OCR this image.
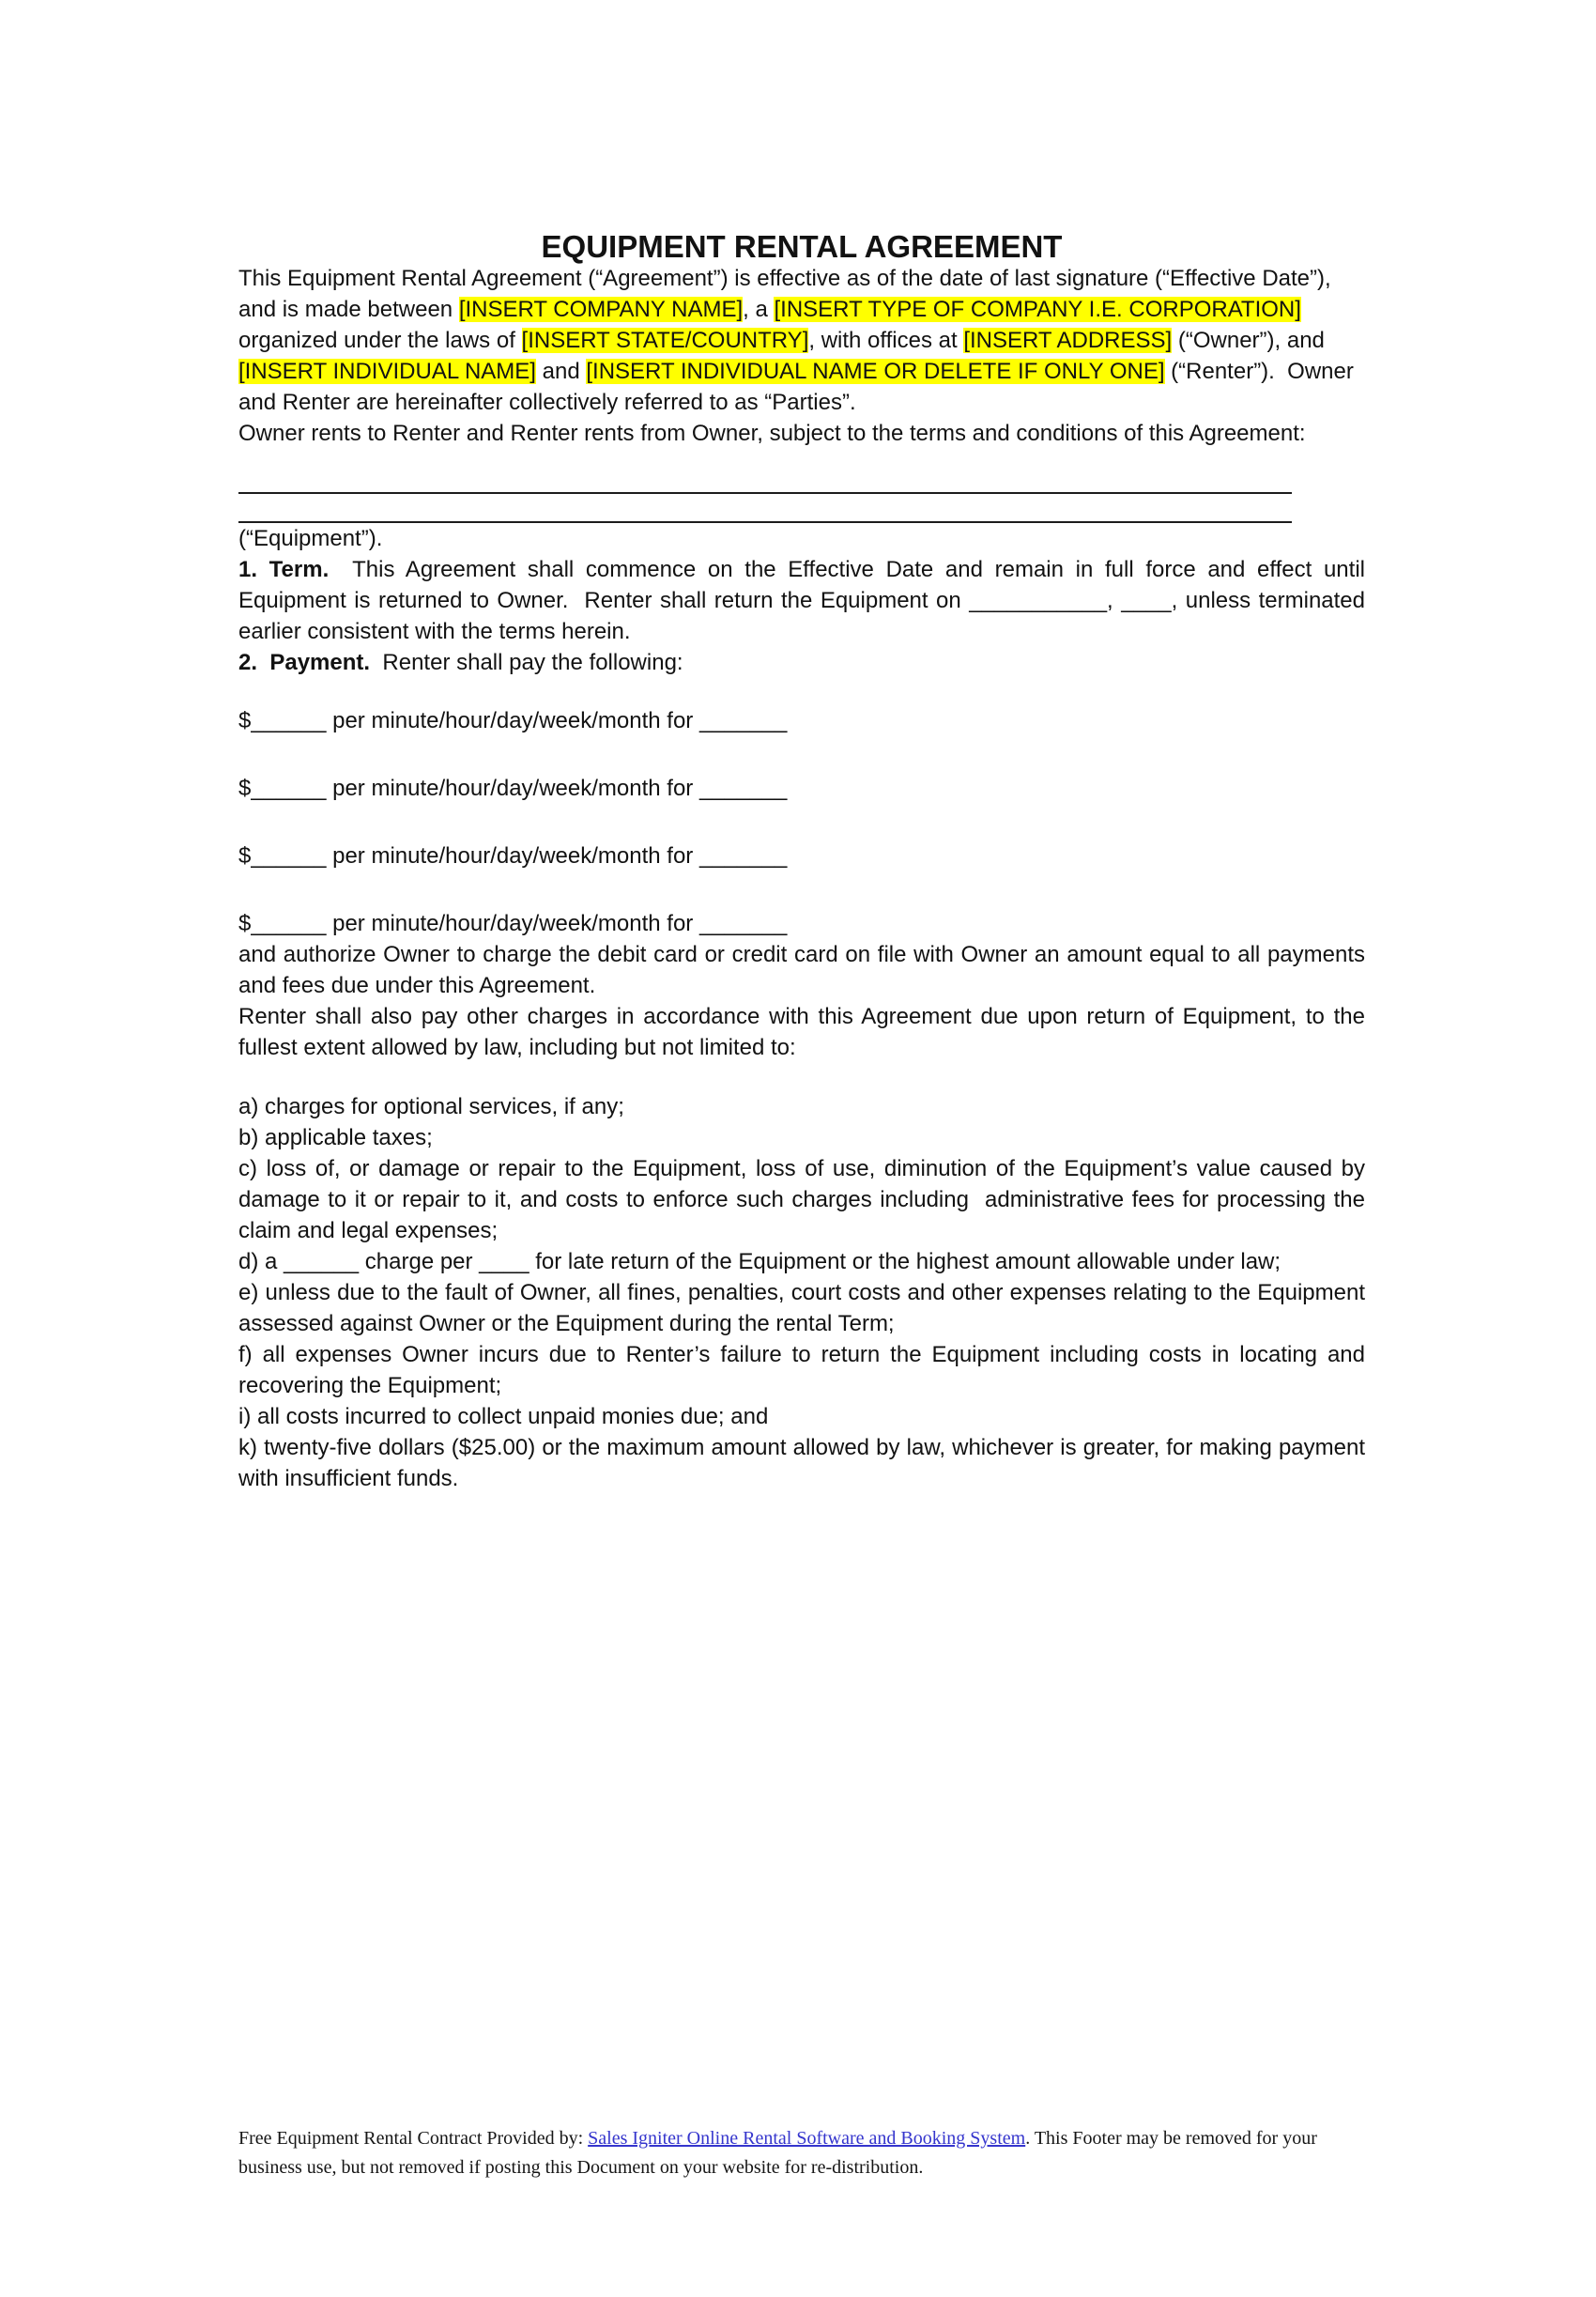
EQUIPMENT RENTAL AGREEMENT

This Equipment Rental Agreement (“Agreement”) is effective as of the date of last signature (“Effective Date”), and is made between [INSERT COMPANY NAME], a [INSERT TYPE OF COMPANY I.E. CORPORATION] organized under the laws of [INSERT STATE/COUNTRY], with offices at [INSERT ADDRESS] (“Owner”), and  [INSERT INDIVIDUAL NAME] and [INSERT INDIVIDUAL NAME OR DELETE IF ONLY ONE] (“Renter”).  Owner and Renter are hereinafter collectively referred to as “Parties”.

Owner rents to Renter and Renter rents from Owner, subject to the terms and conditions of this Agreement:

(“Equipment”).

1. Term.  This Agreement shall commence on the Effective Date and remain in full force and effect until Equipment is returned to Owner.  Renter shall return the Equipment on ___________, ____, unless terminated earlier consistent with the terms herein.

2.  Payment.  Renter shall pay the following:

$______ per minute/hour/day/week/month for _______
$______ per minute/hour/day/week/month for _______
$______ per minute/hour/day/week/month for _______
$______ per minute/hour/day/week/month for _______

and authorize Owner to charge the debit card or credit card on file with Owner an amount equal to all payments and fees due under this Agreement.

Renter shall also pay other charges in accordance with this Agreement due upon return of Equipment, to the fullest extent allowed by law, including but not limited to:

a) charges for optional services, if any;
b) applicable taxes;
c) loss of, or damage or repair to the Equipment, loss of use, diminution of the Equipment’s value caused by damage to it or repair to it, and costs to enforce such charges including  administrative fees for processing the claim and legal expenses;
d) a ______ charge per ____ for late return of the Equipment or the highest amount allowable under law;
e) unless due to the fault of Owner, all fines, penalties, court costs and other expenses relating to the Equipment assessed against Owner or the Equipment during the rental Term;
f) all expenses Owner incurs due to Renter’s failure to return the Equipment including costs in locating and recovering the Equipment;
i) all costs incurred to collect unpaid monies due; and
k) twenty-five dollars ($25.00) or the maximum amount allowed by law, whichever is greater, for making payment with insufficient funds.
Free Equipment Rental Contract Provided by: Sales Igniter Online Rental Software and Booking System. This Footer may be removed for your business use, but not removed if posting this Document on your website for re-distribution.
